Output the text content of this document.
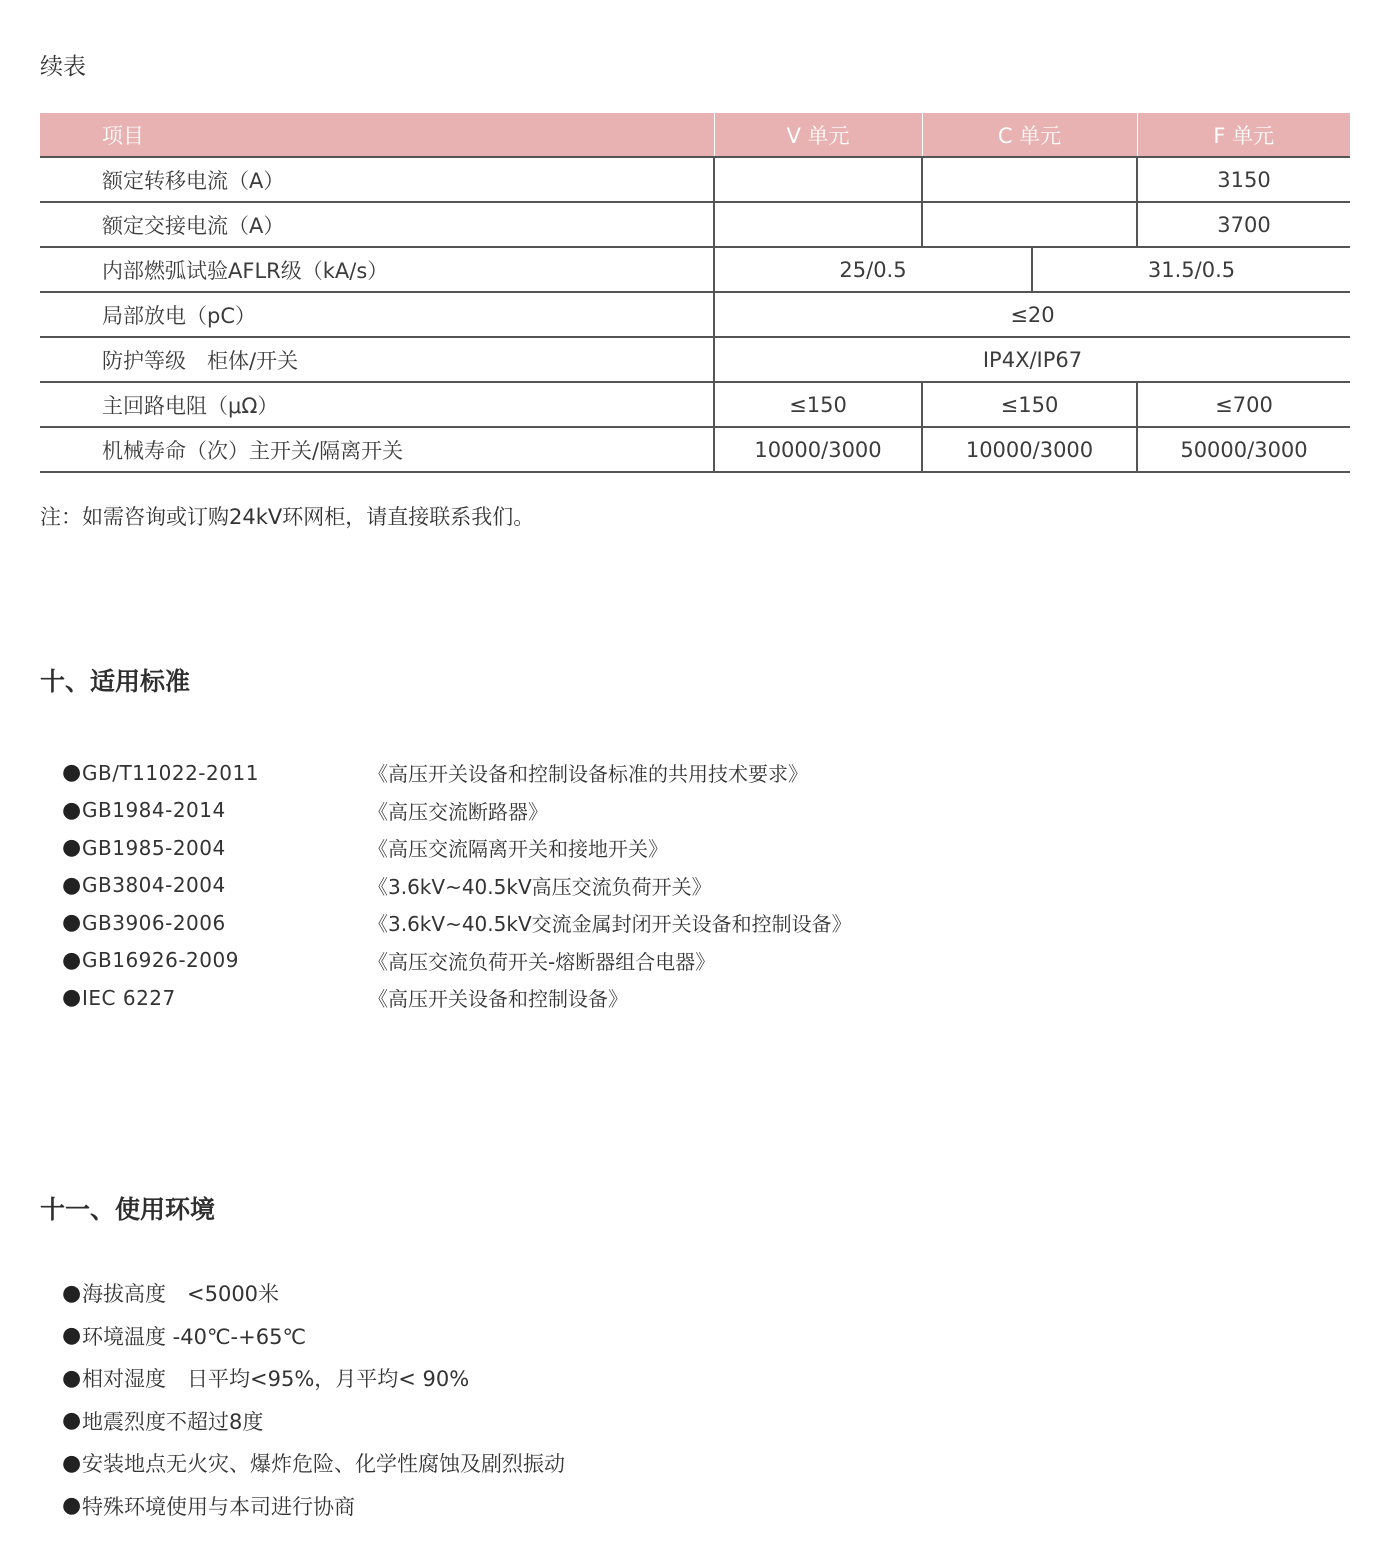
续表
项目	V 单元	C 单元	F 单元
额定转移电流（A）			3150
额定交接电流（A）			3700
内部燃弧试验AFLR级（kA/s）	25/0.5 31.5/0.5		

局部放电（pC）	≤20		
防护等级　柜体/开关	IP4X/IP67		
主回路电阻（μΩ）	≤150	≤150	≤700
机械寿命（次）主开关/隔离开关	10000/3000	10000/3000	50000/3000
注：如需咨询或订购24kV环网柜，请直接联系我们。
十、适用标准
● GB/T11022-2011	《高压开关设备和控制设备标准的共用技术要求》
● GB1984-2014	《高压交流断路器》
● GB1985-2004	《高压交流隔离开关和接地开关》
● GB3804-2004	《3.6kV~40.5kV高压交流负荷开关》
● GB3906-2006	《3.6kV~40.5kV交流金属封闭开关设备和控制设备》
● GB16926-2009	《高压交流负荷开关-熔断器组合电器》
● IEC 6227	《高压开关设备和控制设备》
十一、使用环境
● 海拔高度　<5000米
● 环境温度 -40℃-+65℃
● 相对湿度　日平均<95%，月平均< 90%
● 地震烈度不超过8度
● 安装地点无火灾、爆炸危险、化学性腐蚀及剧烈振动
● 特殊环境使用与本司进行协商
